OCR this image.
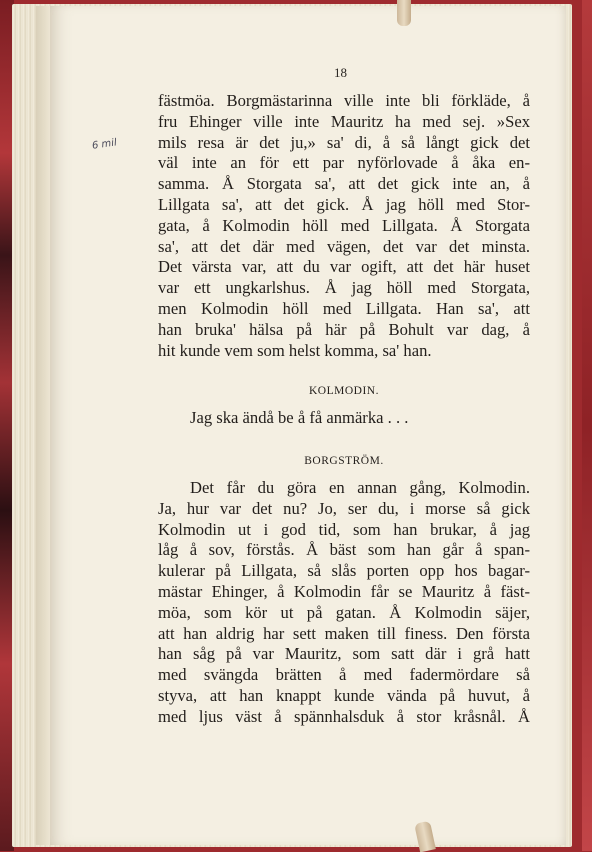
18
6 mil
fästmöa. Borgmästarinna ville inte bli förkläde, å
fru Ehinger ville inte Mauritz ha med sej. »Sex
mils resa är det ju,» sa' di, å så långt gick det
väl inte an för ett par nyförlovade å åka en-
samma. Å Storgata sa', att det gick inte an, å
Lillgata sa', att det gick. Å jag höll med Stor-
gata, å Kolmodin höll med Lillgata. Å Storgata
sa', att det där med vägen, det var det minsta.
Det värsta var, att du var ogift, att det här huset
var ett ungkarlshus. Å jag höll med Storgata,
men Kolmodin höll med Lillgata. Han sa', att
han bruka' hälsa på här på Bohult var dag, å
hit kunde vem som helst komma, sa' han.
KOLMODIN.
Jag ska ändå be å få anmärka . . .
BORGSTRÖM.
Det får du göra en annan gång, Kolmodin.
Ja, hur var det nu? Jo, ser du, i morse så gick
Kolmodin ut i god tid, som han brukar, å jag
låg å sov, förstås. Å bäst som han går å span-
kulerar på Lillgata, så slås porten opp hos bagar-
mästar Ehinger, å Kolmodin får se Mauritz å fäst-
möa, som kör ut på gatan. Å Kolmodin säjer,
att han aldrig har sett maken till finess. Den första
han såg på var Mauritz, som satt där i grå hatt
med svängda brätten å med fadermördare så
styva, att han knappt kunde vända på huvut, å
med ljus väst å spännhalsduk å stor kråsnål. Å
